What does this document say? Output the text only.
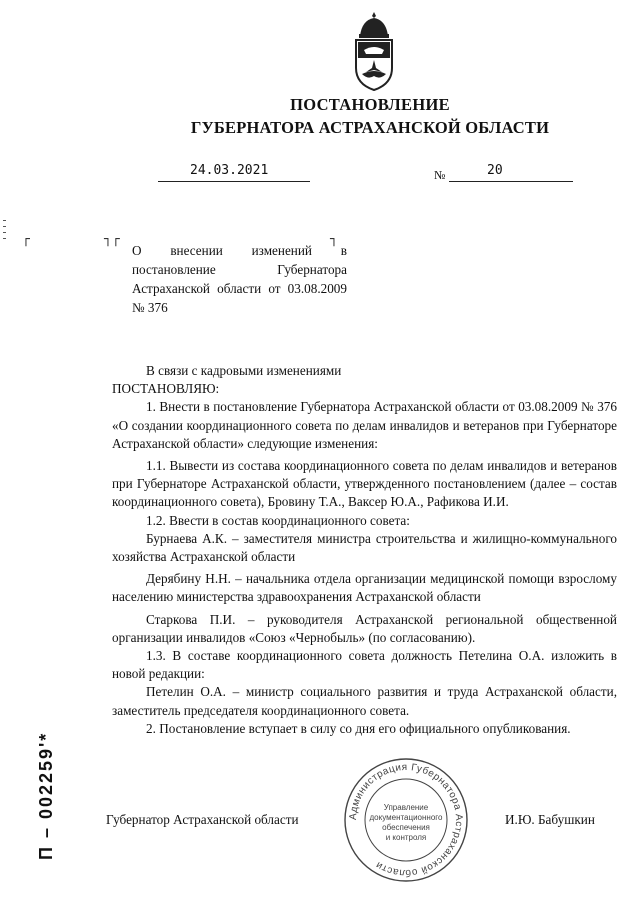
ПОСТАНОВЛЕНИЕ
ГУБЕРНАТОРА АСТРАХАНСКОЙ ОБЛАСТИ
24.03.2021	№	20
┌	┐┌	┐
О внесении изменений в постановление Губернатора Астраханской области от 03.08.2009 № 376

В связи с кадровыми изменениями

ПОСТАНОВЛЯЮ:

1. Внести в постановление Губернатора Астраханской области от 03.08.2009 № 376 «О создании координационного совета по делам инвалидов и ветеранов при Губернаторе Астраханской области» следующие изменения:

1.1. Вывести из состава координационного совета по делам инвалидов и ветеранов при Губернаторе Астраханской области, утвержденного постановлением (далее – состав координационного совета), Бровину Т.А., Ваксер Ю.А., Рафикова И.И.

1.2. Ввести в состав координационного совета:

Бурнаева А.К. – заместителя министра строительства и жилищно-коммунального хозяйства Астраханской области

Дерябину Н.Н. – начальника отдела организации медицинской помощи взрослому населению министерства здравоохранения Астраханской области

Старкова П.И. – руководителя Астраханской региональной общественной организации инвалидов «Союз «Чернобыль» (по согласованию).

1.3. В составе координационного совета должность Петелина О.А. изложить в новой редакции:

Петелин О.А. – министр социального развития и труда Астраханской области, заместитель председателя координационного совета.

2. Постановление вступает в силу со дня его официального опубликования.

Губернатор Астраханской области	Администрация Губернатора Астраханской области
Управление
документационного
обеспечения
и контроля
И.Ю. Бабушкин
П – 002259'*
